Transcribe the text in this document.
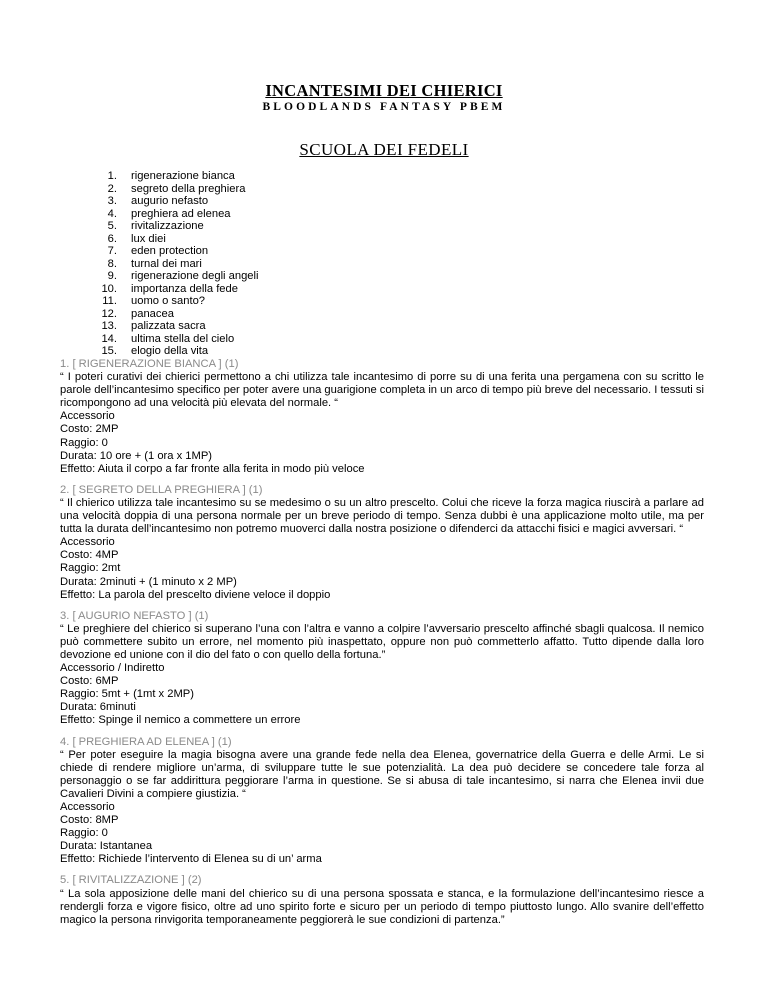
INCANTESIMI DEI CHIERICI
BLOODLANDS FANTASY PBEM
SCUOLA DEI FEDELI
1. rigenerazione bianca
2. segreto della preghiera
3. augurio nefasto
4. preghiera ad elenea
5. rivitalizzazione
6. lux diei
7. eden protection
8. turnal dei mari
9. rigenerazione degli angeli
10. importanza della fede
11. uomo o santo?
12. panacea
13. palizzata sacra
14. ultima stella del cielo
15. elogio della vita
1. [ RIGENERAZIONE BIANCA ] (1)
“ I poteri curativi dei chierici permettono a chi utilizza tale incantesimo di porre su di una ferita una pergamena con su scritto le parole dell’incantesimo specifico per poter avere una guarigione completa in un arco di tempo più breve del necessario. I tessuti si ricompongono ad una velocità più elevata del normale. “
Accessorio
Costo: 2MP
Raggio: 0
Durata: 10 ore + (1 ora x 1MP)
Effetto: Aiuta il corpo a far fronte alla ferita in modo più veloce
2. [ SEGRETO DELLA PREGHIERA ] (1)
“ Il chierico utilizza tale incantesimo su se medesimo o su un altro prescelto. Colui che riceve la forza magica riuscirà a parlare ad una velocità doppia di una persona normale per un breve periodo di tempo. Senza dubbi è una applicazione molto utile, ma per tutta la durata dell’incantesimo non potremo muoverci dalla nostra posizione o difenderci da attacchi fisici e magici avversari. “
Accessorio
Costo: 4MP
Raggio: 2mt
Durata: 2minuti + (1 minuto x 2 MP)
Effetto: La parola del prescelto diviene veloce il doppio
3. [ AUGURIO NEFASTO ] (1)
“ Le preghiere del chierico si superano l’una con l’altra e vanno a colpire l’avversario prescelto affinché sbagli qualcosa. Il nemico può commettere subito un errore, nel momento più inaspettato, oppure non può commetterlo affatto. Tutto dipende dalla loro devozione ed unione con il dio del fato o con quello della fortuna.”
Accessorio / Indiretto
Costo: 6MP
Raggio: 5mt + (1mt x 2MP)
Durata: 6minuti
Effetto: Spinge il nemico a commettere un errore
4. [ PREGHIERA AD ELENEA ] (1)
“ Per poter eseguire la magia bisogna avere una grande fede nella dea Elenea, governatrice della Guerra e delle Armi. Le si chiede di rendere migliore un’arma, di sviluppare tutte le sue potenzialità. La dea può decidere se concedere tale forza al personaggio o se far addirittura peggiorare l’arma in questione. Se si abusa di tale incantesimo, si narra che Elenea invii due Cavalieri Divini a compiere giustizia. “
Accessorio
Costo: 8MP
Raggio: 0
Durata: Istantanea
Effetto: Richiede l’intervento di Elenea su di un’ arma
5. [ RIVITALIZZAZIONE ] (2)
“ La sola apposizione delle mani del chierico su di una persona spossata e stanca, e la formulazione dell’incantesimo riesce a rendergli forza e vigore fisico, oltre ad uno spirito forte e sicuro per un periodo di tempo piuttosto lungo. Allo svanire dell’effetto magico la persona rinvigorita temporaneamente peggiorerà le sue condizioni di partenza.”
